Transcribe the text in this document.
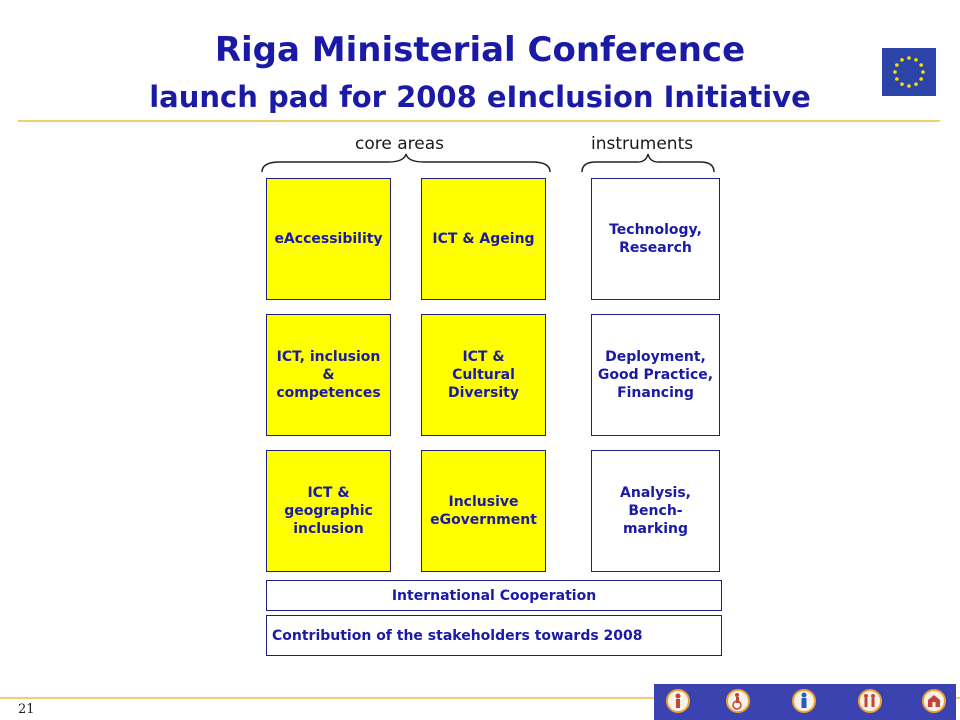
Riga Ministerial Conference
launch pad for 2008 eInclusion Initiative
core areas	instruments
eAccessibility	ICT & Ageing
ICT, inclusion
&
competences
ICT &
Cultural
Diversity
ICT &
geographic
inclusion
Inclusive
eGovernment
Technology,
Research
Deployment,
Good Practice,
Financing
Analysis,
Bench-
marking
International Cooperation
Contribution of the stakeholders towards 2008
21
